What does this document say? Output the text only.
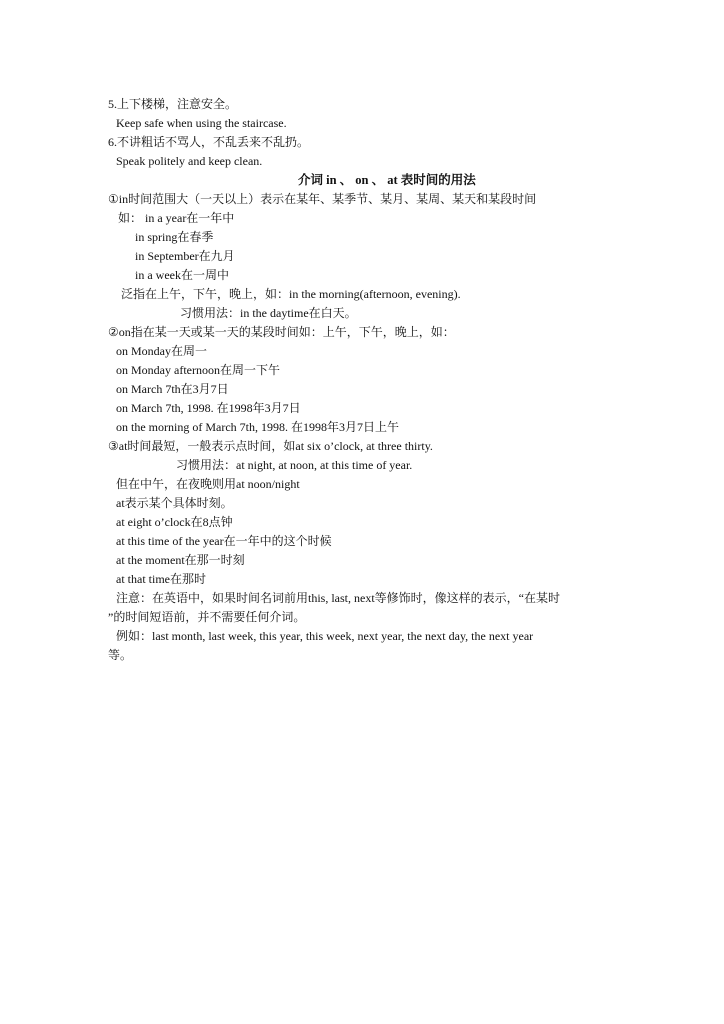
5.上下楼梯，注意安全。
Keep safe when using the staircase.
6.不讲粗话不骂人，不乱丢来不乱扔。
Speak politely and keep clean.
介词 in 、 on 、 at 表时间的用法
①in时间范围大（一天以上）表示在某年、某季节、某月、某周、某天和某段时间
如： in a year在一年中
in spring在春季
in September在九月
in a week在一周中
泛指在上午，下午，晚上，如：in the morning(afternoon, evening).
习惯用法：in the daytime在白天。
②on指在某一天或某一天的某段时间如：上午，下午，晚上，如：
on Monday在周一
on Monday afternoon在周一下午
on March 7th在3月7日
on March 7th, 1998. 在1998年3月7日
on the morning of March 7th, 1998. 在1998年3月7日上午
③at时间最短，一般表示点时间，如at six o’clock, at three thirty.
习惯用法：at night, at noon, at this time of year.
但在中午，在夜晚则用at noon/night
at表示某个具体时刻。
at eight o’clock在8点钟
at this time of the year在一年中的这个时候
at the moment在那一时刻
at that time在那时
注意：在英语中，如果时间名词前用this, last, next等修饰时，像这样的表示，“在某时
”的时间短语前，并不需要任何介词。
例如：last month, last week, this year, this week, next year, the next day, the next year
等。
